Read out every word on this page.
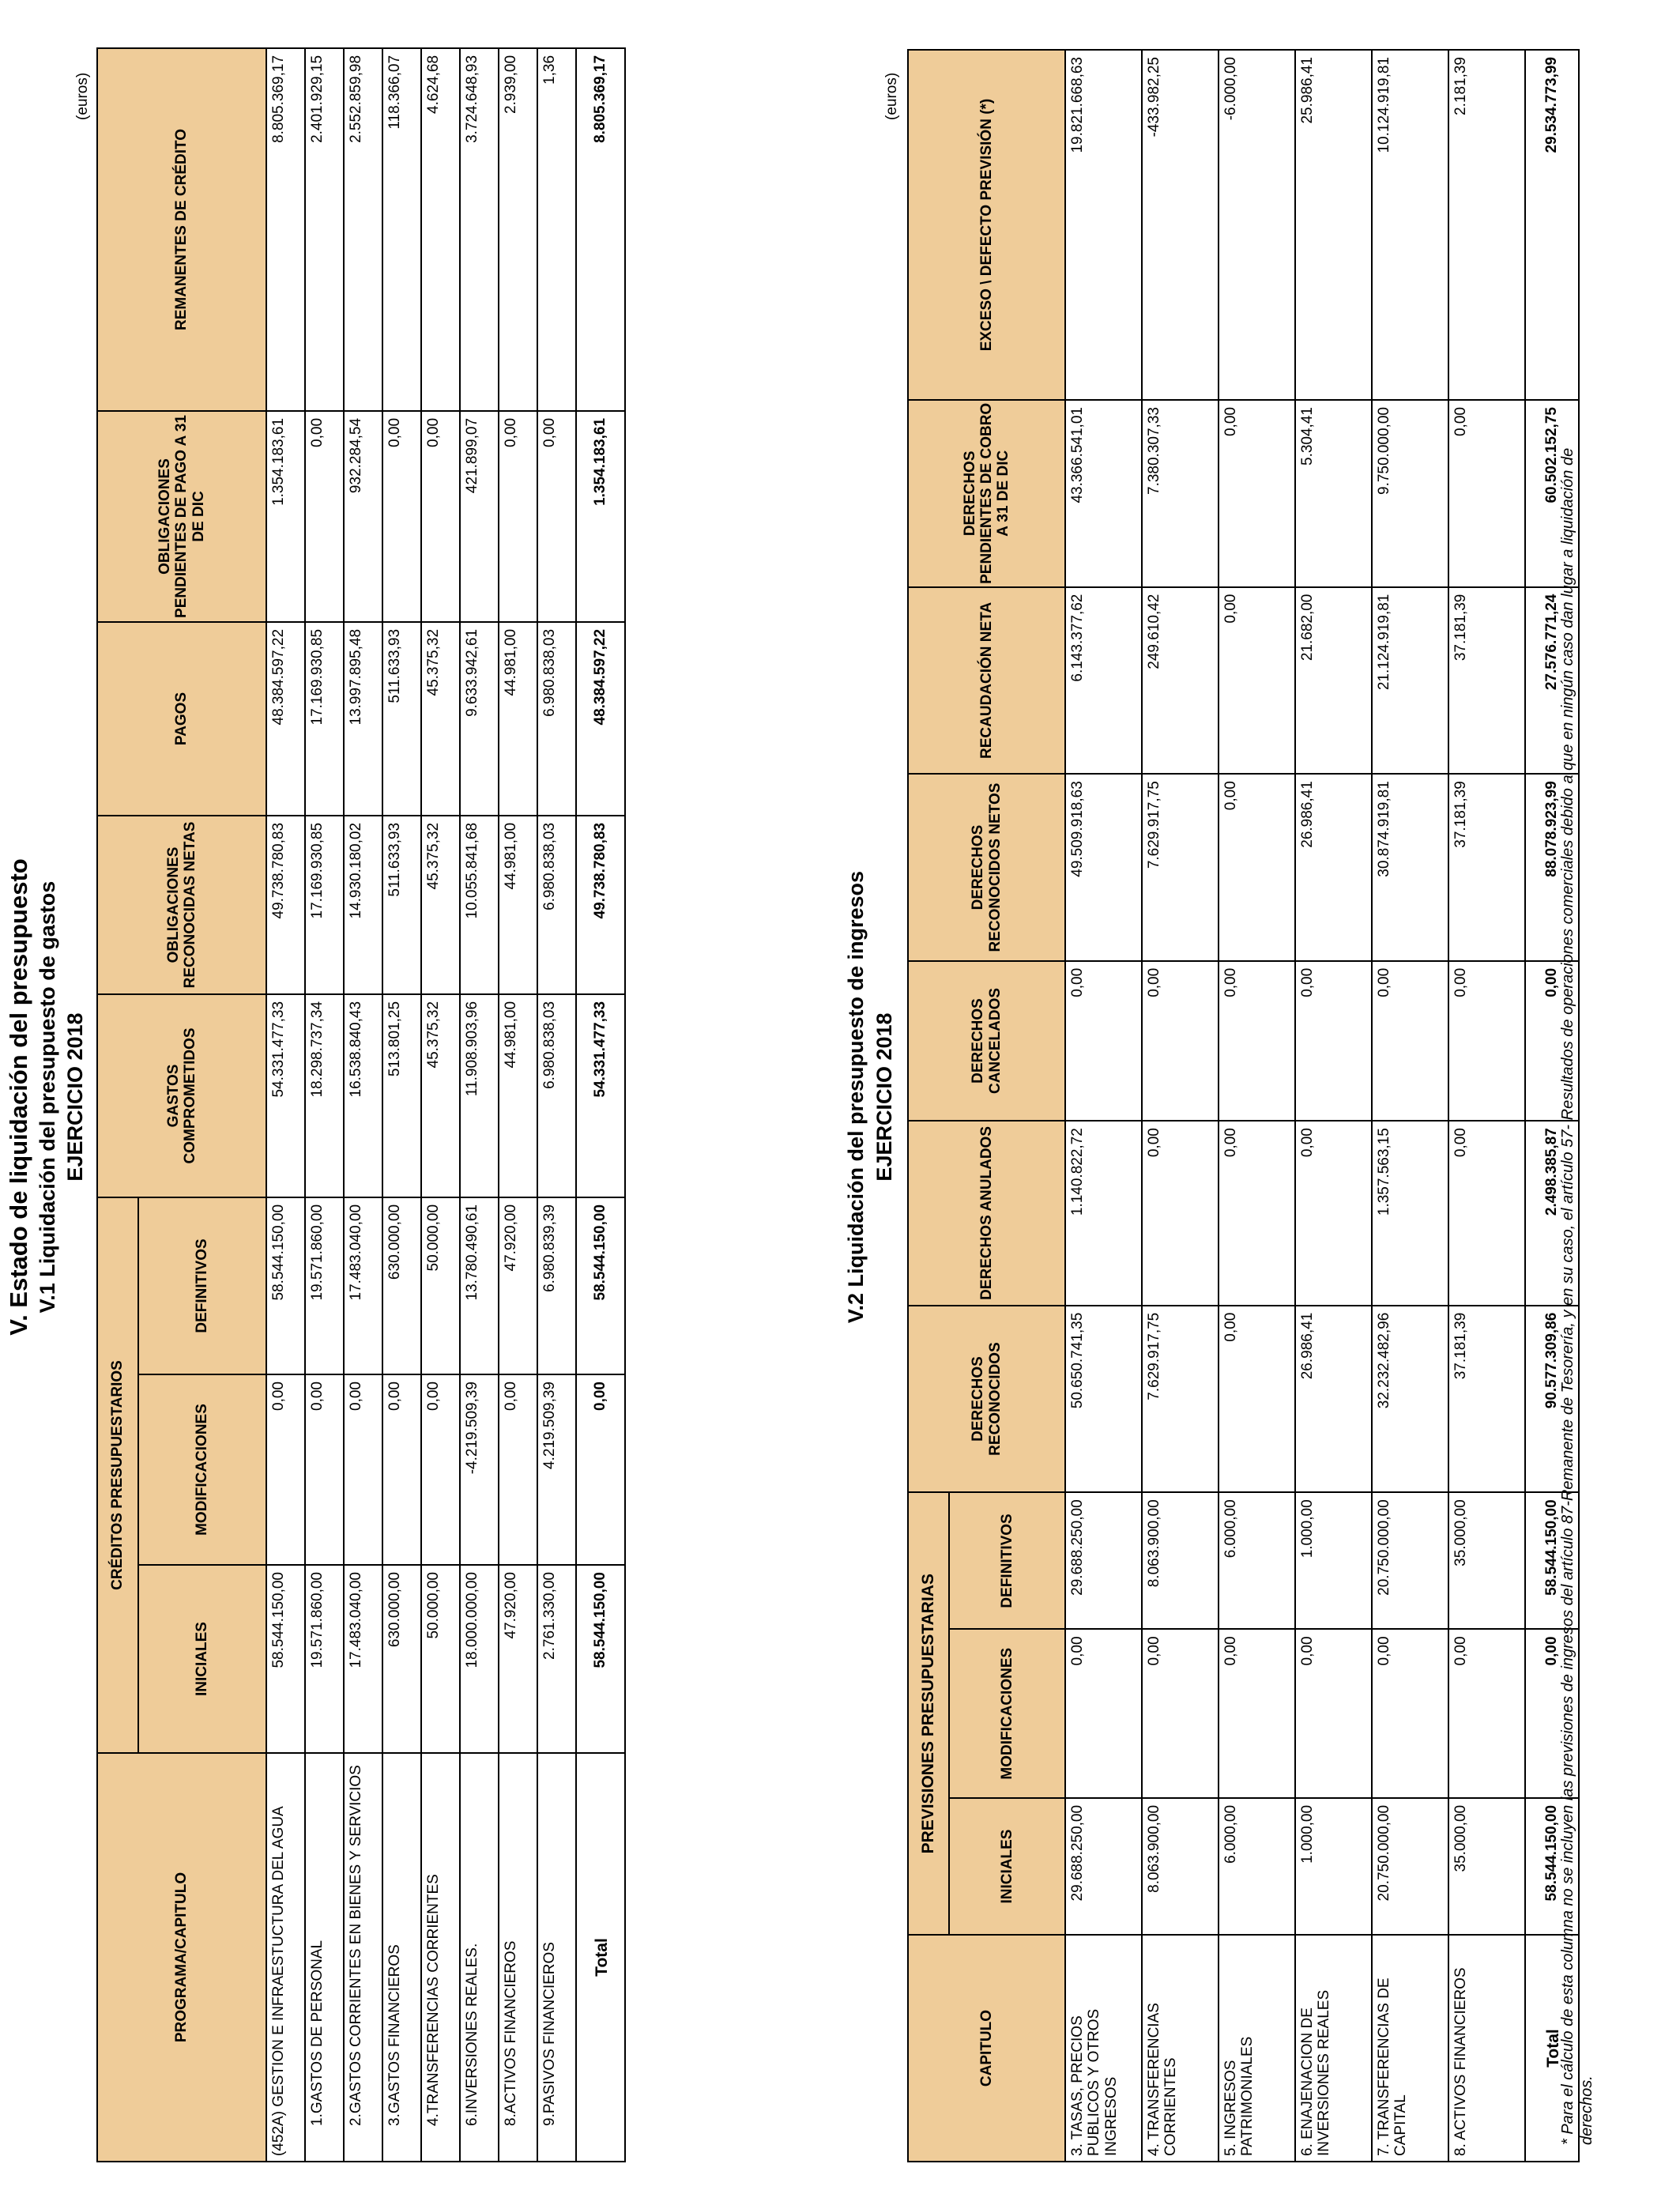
V. Estado de liquidación del presupuesto V.1 Liquidación del presupuesto de gastos EJERCICIO 2018
(euros)
PROGRAMA/CAPITULO	CRÉDITOS PRESUPUESTARIOS			GASTOS COMPROMETIDOS	OBLIGACIONES RECONOCIDAS NETAS	PAGOS	OBLIGACIONES PENDIENTES DE PAGO A 31 DE DIC	REMANENTES DE CRÉDITO
	INICIALES	MODIFICACIONES	DEFINITIVOS					
(452A) GESTION E INFRAESTUCTURA DEL AGUA	58.544.150,00	0,00	58.544.150,00	54.331.477,33	49.738.780,83	48.384.597,22	1.354.183,61	8.805.369,17
1.GASTOS DE PERSONAL	19.571.860,00	0,00	19.571.860,00	18.298.737,34	17.169.930,85	17.169.930,85	0,00	2.401.929,15
2.GASTOS CORRIENTES EN BIENES Y SERVICIOS	17.483.040,00	0,00	17.483.040,00	16.538.840,43	14.930.180,02	13.997.895,48	932.284,54	2.552.859,98
3.GASTOS FINANCIEROS	630.000,00	0,00	630.000,00	513.801,25	511.633,93	511.633,93	0,00	118.366,07
4.TRANSFERENCIAS CORRIENTES	50.000,00	0,00	50.000,00	45.375,32	45.375,32	45.375,32	0,00	4.624,68
6.INVERSIONES REALES.	18.000.000,00	-4.219.509,39	13.780.490,61	11.908.903,96	10.055.841,68	9.633.942,61	421.899,07	3.724.648,93
8.ACTIVOS FINANCIEROS	47.920,00	0,00	47.920,00	44.981,00	44.981,00	44.981,00	0,00	2.939,00
9.PASIVOS FINANCIEROS	2.761.330,00	4.219.509,39	6.980.839,39	6.980.838,03	6.980.838,03	6.980.838,03	0,00	1,36
Total	58.544.150,00	0,00	58.544.150,00	54.331.477,33	49.738.780,83	48.384.597,22	1.354.183,61	8.805.369,17
V.2 Liquidación del presupuesto de ingresos EJERCICIO 2018
(euros)
CAPITULO	PREVISIONES PRESUPUESTARIAS			DERECHOS RECONOCIDOS	DERECHOS ANULADOS	DERECHOS CANCELADOS	DERECHOS RECONOCIDOS NETOS	RECAUDACIÓN NETA	DERECHOS PENDIENTES DE COBRO A 31 DE DIC	EXCESO \ DEFECTO PREVISIÓN (*)
	INICIALES	MODIFICACIONES	DEFINITIVOS							
3. TASAS, PRECIOS PUBLICOS Y OTROS INGRESOS	29.688.250,00	0,00	29.688.250,00	50.650.741,35	1.140.822,72	0,00	49.509.918,63	6.143.377,62	43.366.541,01	19.821.668,63
4. TRANSFERENCIAS CORRIENTES	8.063.900,00	0,00	8.063.900,00	7.629.917,75	0,00	0,00	7.629.917,75	249.610,42	7.380.307,33	-433.982,25
5. INGRESOS PATRIMONIALES	6.000,00	0,00	6.000,00	0,00	0,00	0,00	0,00	0,00	0,00	-6.000,00
6. ENAJENACION DE INVERSIONES REALES	1.000,00	0,00	1.000,00	26.986,41	0,00	0,00	26.986,41	21.682,00	5.304,41	25.986,41
7. TRANSFERENCIAS DE CAPITAL	20.750.000,00	0,00	20.750.000,00	32.232.482,96	1.357.563,15	0,00	30.874.919,81	21.124.919,81	9.750.000,00	10.124.919,81
8. ACTIVOS FINANCIEROS	35.000,00	0,00	35.000,00	37.181,39	0,00	0,00	37.181,39	37.181,39	0,00	2.181,39
Total	58.544.150,00	0,00	58.544.150,00	90.577.309,86	2.498.385,87	0,00	88.078.923,99	27.576.771,24	60.502.152,75	29.534.773,99
* Para el cálculo de esta columna no se incluyen las previsiones de ingresos del artículo 87-Remanente de Tesorería, y en su caso, el artículo 57- Resultados de operaciones comerciales debido a que en ningún caso dan lugar a liquidación de derechos.
